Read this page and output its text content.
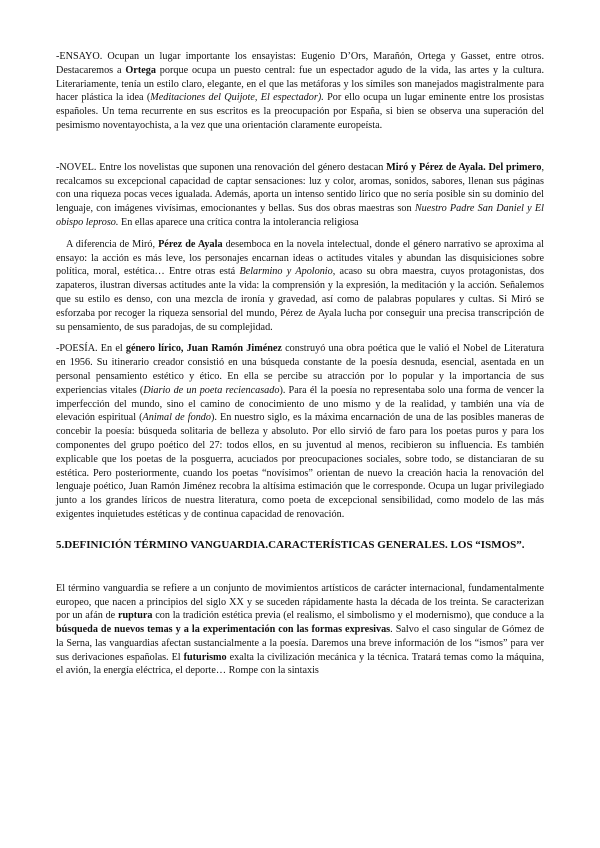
-ENSAYO. Ocupan un lugar importante los ensayistas: Eugenio D’Ors, Marañón, Ortega y Gasset, entre otros. Destacaremos a Ortega porque ocupa un puesto central: fue un espectador agudo de la vida, las artes y la cultura. Literariamente, tenía un estilo claro, elegante, en el que las metáforas y los símiles son manejados magistralmente para hacer plástica la idea (Meditaciones del Quijote, El espectador). Por ello ocupa un lugar eminente entre los prosistas españoles. Un tema recurrente en sus escritos es la preocupación por España, si bien se observa una superación del pesimismo noventayochista, a la vez que una orientación claramente europeísta.

-NOVEL. Entre los novelistas que suponen una renovación del género destacan Miró y Pérez de Ayala. Del primero, recalcamos su excepcional capacidad de captar sensaciones: luz y color, aromas, sonidos, sabores, llenan sus páginas con una riqueza pocas veces igualada. Además, aporta un intenso sentido lírico que no sería posible sin su dominio del lenguaje, con imágenes vivísimas, emocionantes y bellas. Sus dos obras maestras son Nuestro Padre San Daniel y El obispo leproso. En ellas aparece una crítica contra la intolerancia religiosa

A diferencia de Miró, Pérez de Ayala desemboca en la novela intelectual, donde el género narrativo se aproxima al ensayo: la acción es más leve, los personajes encarnan ideas o actitudes vitales y abundan las disquisiciones sobre política, moral, estética… Entre otras está Belarmino y Apolonio, acaso su obra maestra, cuyos protagonistas, dos zapateros, ilustran diversas actitudes ante la vida: la comprensión y la expresión, la meditación y la acción. Señalemos que su estilo es denso, con una mezcla de ironía y gravedad, así como de palabras populares y cultas. Si Miró se esforzaba por recoger la riqueza sensorial del mundo, Pérez de Ayala lucha por conseguir una precisa transcripción de su pensamiento, de sus paradojas, de su complejidad.

-POESÍA. En el género lírico, Juan Ramón Jiménez construyó una obra poética que le valió el Nobel de Literatura en 1956. Su itinerario creador consistió en una búsqueda constante de la poesía desnuda, esencial, asentada en un personal pensamiento estético y ético. En ella se percibe su atracción por lo popular y la importancia de sus experiencias vitales (Diario de un poeta reciencasado). Para él la poesía no representaba solo una forma de vencer la imperfección del mundo, sino el camino de conocimiento de uno mismo y de la realidad, y también una vía de elevación espiritual (Animal de fondo). En nuestro siglo, es la máxima encarnación de una de las posibles maneras de concebir la poesía: búsqueda solitaria de belleza y absoluto. Por ello sirvió de faro para los poetas puros y para los componentes del grupo poético del 27: todos ellos, en su juventud al menos, recibieron su influencia. Es también explicable que los poetas de la posguerra, acuciados por preocupaciones sociales, sobre todo, se distanciaran de su estética. Pero posteriormente, cuando los poetas “novísimos” orientan de nuevo la creación hacia la renovación del lenguaje poético, Juan Ramón Jiménez recobra la altísima estimación que le corresponde. Ocupa un lugar privilegiado junto a los grandes líricos de nuestra literatura, como poeta de excepcional sensibilidad, como modelo de las más exigentes inquietudes estéticas y de continua capacidad de renovación.

5.DEFINICIÓN TÉRMINO VANGUARDIA.CARACTERÍSTICAS GENERALES. LOS “ISMOS”.

El término vanguardia se refiere a un conjunto de movimientos artísticos de carácter internacional, fundamentalmente europeo, que nacen a principios del siglo XX y se suceden rápidamente hasta la década de los treinta. Se caracterizan por un afán de ruptura con la tradición estética previa (el realismo, el simbolismo y el modernismo), que conduce a la búsqueda de nuevos temas y a la experimentación con las formas expresivas. Salvo el caso singular de Gómez de la Serna, las vanguardias afectan sustancialmente a la poesía. Daremos una breve información de los “ismos” para ver sus derivaciones españolas. El futurismo exalta la civilización mecánica y la técnica. Tratará temas como la máquina, el avión, la energía eléctrica, el deporte… Rompe con la sintaxis
